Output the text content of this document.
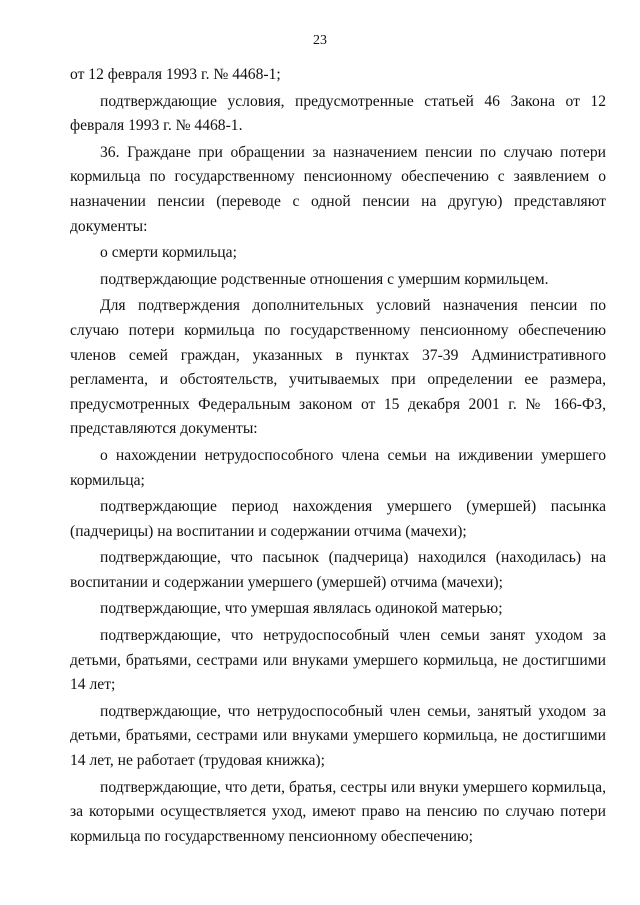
23

от 12 февраля 1993 г. № 4468-1;

подтверждающие условия, предусмотренные статьей 46 Закона от 12 февраля 1993 г. № 4468-1.

36. Граждане при обращении за назначением пенсии по случаю потери кормильца по государственному пенсионному обеспечению с заявлением о назначении пенсии (переводе с одной пенсии на другую) представляют документы:

о смерти кормильца;

подтверждающие родственные отношения с умершим кормильцем.

Для подтверждения дополнительных условий назначения пенсии по случаю потери кормильца по государственному пенсионному обеспечению членов семей граждан, указанных в пунктах 37-39 Административного регламента, и обстоятельств, учитываемых при определении ее размера, предусмотренных Федеральным законом от 15 декабря 2001 г. № 166-ФЗ, представляются документы:

о нахождении нетрудоспособного члена семьи на иждивении умершего кормильца;

подтверждающие период нахождения умершего (умершей) пасынка (падчерицы) на воспитании и содержании отчима (мачехи);

подтверждающие, что пасынок (падчерица) находился (находилась) на воспитании и содержании умершего (умершей) отчима (мачехи);

подтверждающие, что умершая являлась одинокой матерью;

подтверждающие, что нетрудоспособный член семьи занят уходом за детьми, братьями, сестрами или внуками умершего кормильца, не достигшими 14 лет;

подтверждающие, что нетрудоспособный член семьи, занятый уходом за детьми, братьями, сестрами или внуками умершего кормильца, не достигшими 14 лет, не работает (трудовая книжка);

подтверждающие, что дети, братья, сестры или внуки умершего кормильца, за которыми осуществляется уход, имеют право на пенсию по случаю потери кормильца по государственному пенсионному обеспечению;
